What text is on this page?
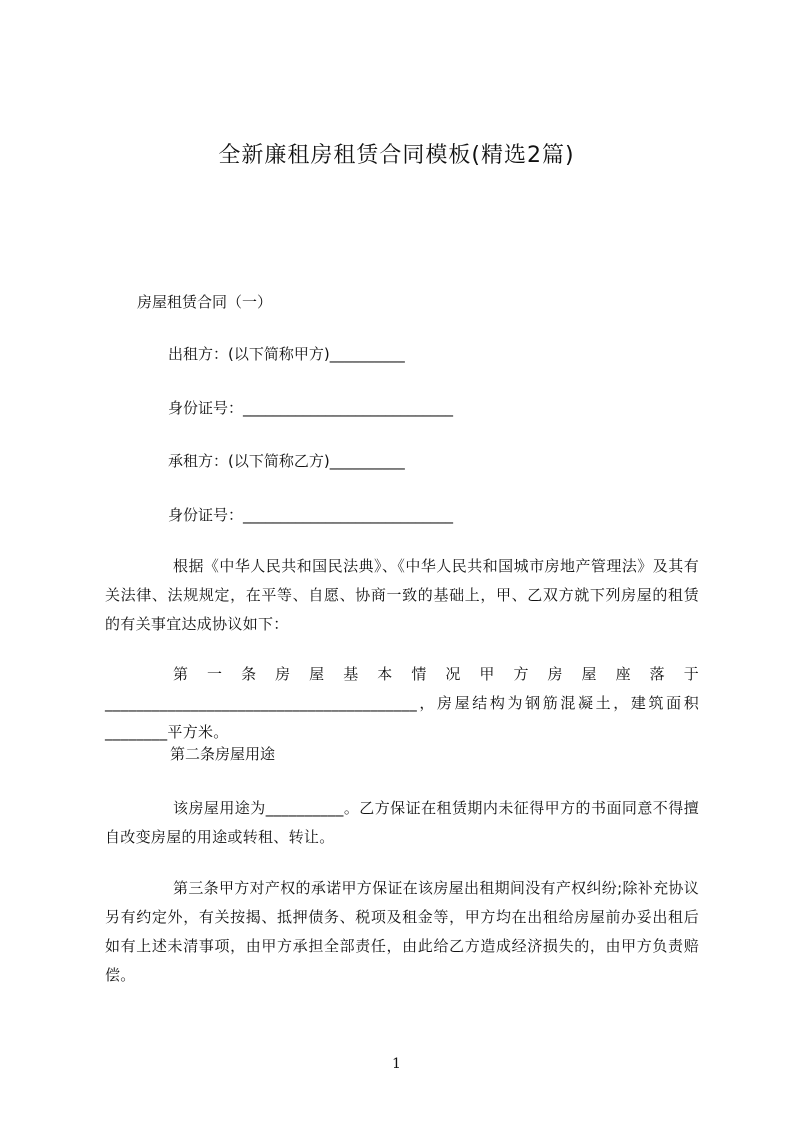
全新廉租房租赁合同模板(精选2篇)
房屋租赁合同（一）
出租方：(以下简称甲方)__________
身份证号：____________________________
承租方：(以下简称乙方)__________
身份证号：____________________________
根据《中华人民共和国民法典》、《中华人民共和国城市房地产管理法》及其有关法律、法规规定，在平等、自愿、协商一致的基础上，甲、乙双方就下列房屋的租赁的有关事宜达成协议如下：
第一条房屋基本情况甲方房屋座落于________________________________________，房屋结构为钢筋混凝土，建筑面积________平方米。
第二条房屋用途
该房屋用途为__________。乙方保证在租赁期内未征得甲方的书面同意不得擅自改变房屋的用途或转租、转让。
第三条甲方对产权的承诺甲方保证在该房屋出租期间没有产权纠纷;除补充协议另有约定外，有关按揭、抵押债务、税项及租金等，甲方均在出租给房屋前办妥出租后如有上述未清事项，由甲方承担全部责任，由此给乙方造成经济损失的，由甲方负责赔偿。
1
